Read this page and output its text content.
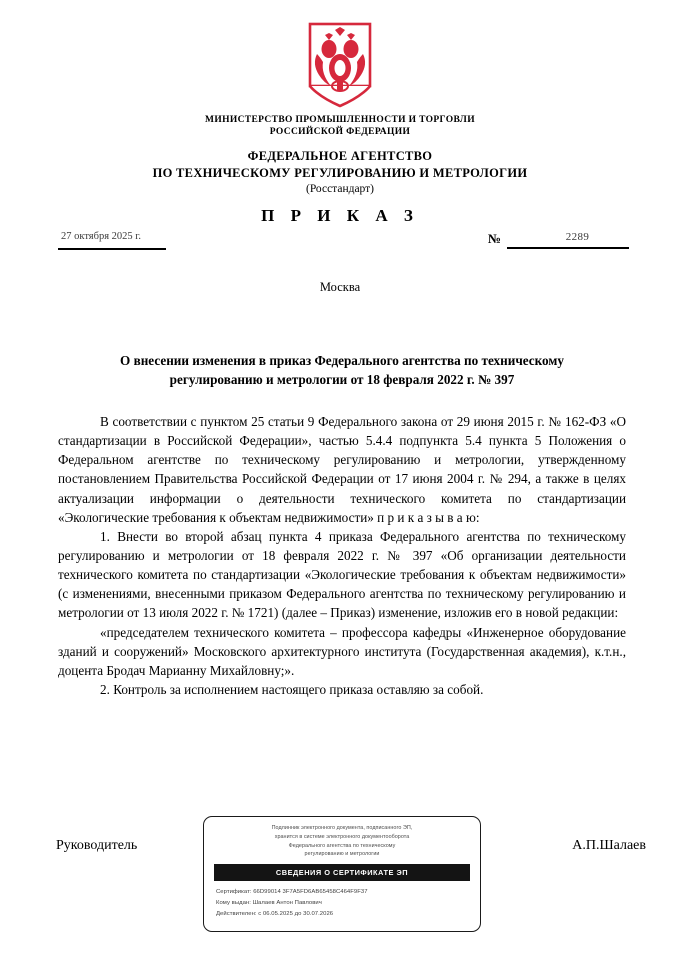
МИНИСТЕРСТВО ПРОМЫШЛЕННОСТИ И ТОРГОВЛИ
РОССИЙСКОЙ ФЕДЕРАЦИИ
ФЕДЕРАЛЬНОЕ АГЕНТСТВО
ПО ТЕХНИЧЕСКОМУ РЕГУЛИРОВАНИЮ И МЕТРОЛОГИИ
(Росстандарт)
П Р И К А З
27 октября 2025 г.	№	2289
Москва
О внесении изменения в приказ Федерального агентства по техническому регулированию и метрологии от 18 февраля 2022 г. № 397

В соответствии с пунктом 25 статьи 9 Федерального закона от 29 июня 2015 г. № 162-ФЗ «О стандартизации в Российской Федерации», частью 5.4.4 подпункта 5.4 пункта 5 Положения о Федеральном агентстве по техническому регулированию и метрологии, утвержденному постановлением Правительства Российской Федерации от 17 июня 2004 г. № 294, а также в целях актуализации информации о деятельности технического комитета по стандартизации «Экологические требования к объектам недвижимости» п р и к а з ы в а ю:

1. Внести во второй абзац пункта 4 приказа Федерального агентства по техническому регулированию и метрологии от 18 февраля 2022 г. № 397 «Об организации деятельности технического комитета по стандартизации «Экологические требования к объектам недвижимости» (с изменениями, внесенными приказом Федерального агентства по техническому регулированию и метрологии от 13 июля 2022 г. № 1721) (далее – Приказ) изменение, изложив его в новой редакции:

«председателем технического комитета – профессора кафедры «Инженерное оборудование зданий и сооружений» Московского архитектурного института (Государственная академия), к.т.н., доцента Бродач Марианну Михайловну;».

2. Контроль за исполнением настоящего приказа оставляю за собой.

Руководитель	А.П.Шалаев
Подлинник электронного документа, подписанного ЭП,
хранится в системе электронного документооборота
Федерального агентства по техническому
регулированию и метрологии
СВЕДЕНИЯ О СЕРТИФИКАТЕ ЭП
Сертификат: 66D99014 3F7A5FD6AB65458C464F9F37
Кому выдан: Шалаев Антон Павлович
Действителен: с 06.05.2025 до 30.07.2026
